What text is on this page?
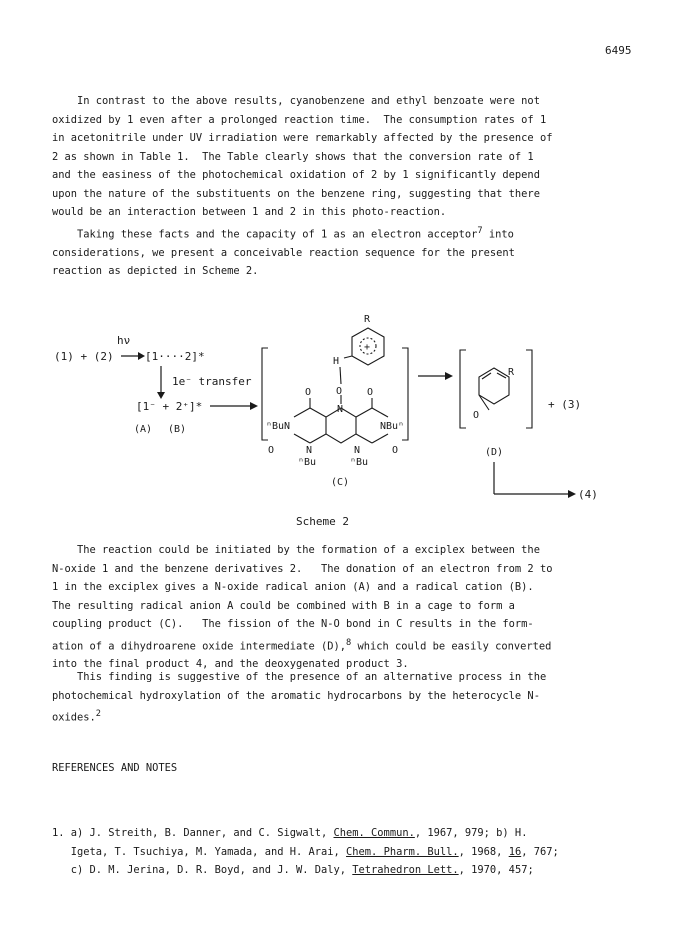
6495
In contrast to the above results, cyanobenzene and ethyl benzoate were not
oxidized by 1 even after a prolonged reaction time.  The consumption rates of 1
in acetonitrile under UV irradiation were remarkably affected by the presence of
2 as shown in Table 1.  The Table clearly shows that the conversion rate of 1
and the easiness of the photochemical oxidation of 2 by 1 significantly depend
upon the nature of the substituents on the benzene ring, suggesting that there
would be an interaction between 1 and 2 in this photo-reaction.
Taking these facts and the capacity of 1 as an electron acceptor$^7$ into
considerations, we present a conceivable reaction sequence for the present
reaction as depicted in Scheme 2.
hν
(1) + (2)	[1····2]*
1e⁻ transfer
[1⁻ + 2⁺]*
(A) (B)
R
+
H
O
O	O
N
ⁿBuN	NBuⁿ
O	N	N	O
ⁿBu	ⁿBu
(C)
R
O
+ (3)
(D)
(4)
Scheme 2
The reaction could be initiated by the formation of a exciplex between the
N-oxide 1 and the benzene derivatives 2.   The donation of an electron from 2 to
1 in the exciplex gives a N-oxide radical anion (A) and a radical cation (B).
The resulting radical anion A could be combined with B in a cage to form a
coupling product (C).   The fission of the N-O bond in C results in the form-
ation of a dihydroarene oxide intermediate (D),$^8$ which could be easily converted
into the final product 4, and the deoxygenated product 3.
This finding is suggestive of the presence of an alternative process in the
photochemical hydroxylation of the aromatic hydrocarbons by the heterocycle N-
oxides.$^2$
REFERENCES AND NOTES
1. a) J. Streith, B. Danner, and C. Sigwalt, Chem. Commun., 1967, 979; b) H.
Igeta, T. Tsuchiya, M. Yamada, and H. Arai, Chem. Pharm. Bull., 1968, 16, 767;
c) D. M. Jerina, D. R. Boyd, and J. W. Daly, Tetrahedron Lett., 1970, 457;
